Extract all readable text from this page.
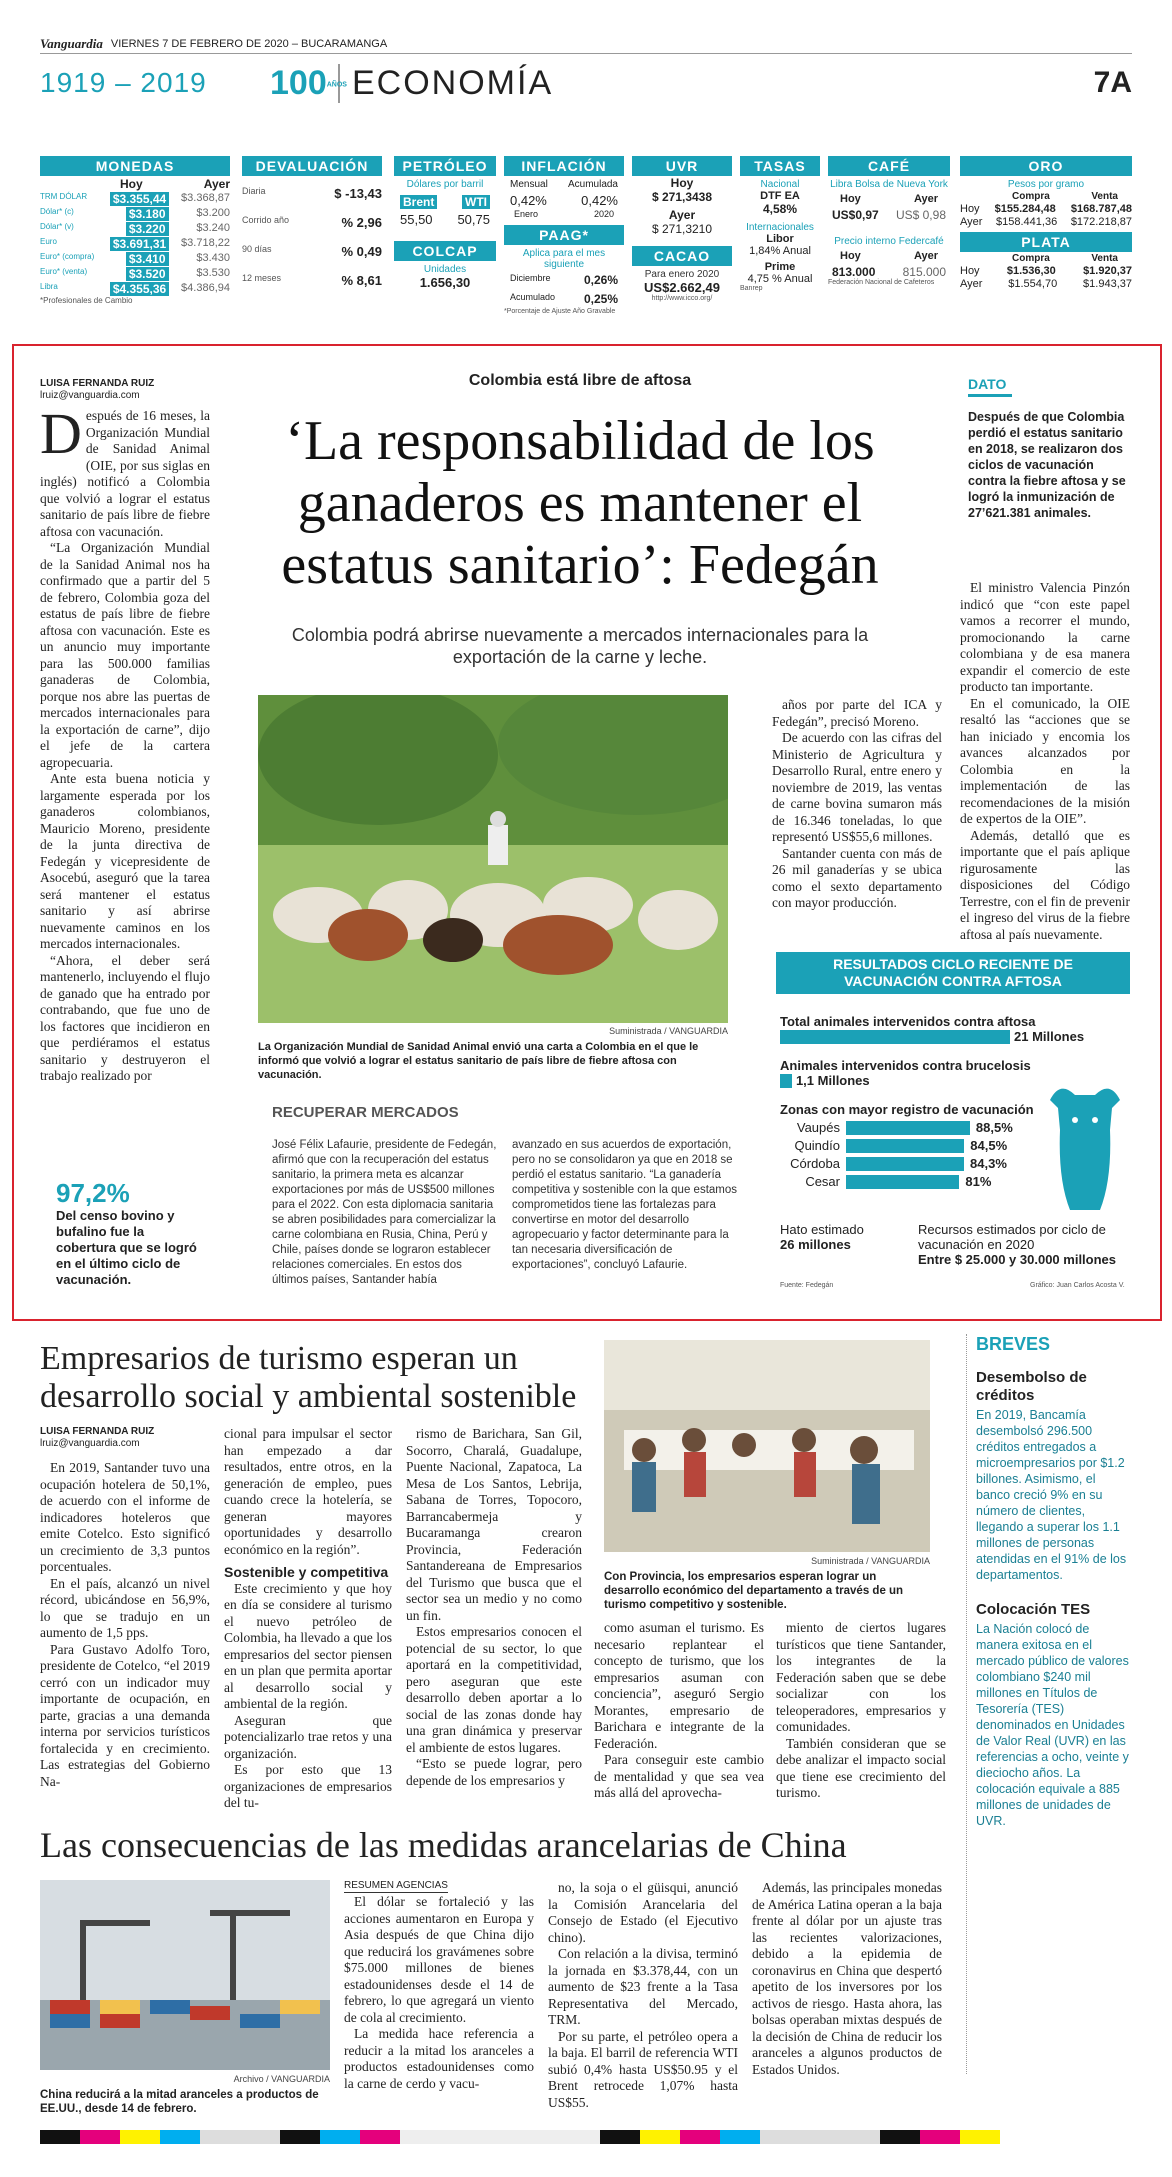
Vanguardia VIERNES 7 DE FEBRERO DE 2020 – BUCARAMANGA
1919 – 2019	100AÑOS ECONOMÍA	7A
MONEDAS
Hoy	Ayer
TRM DÓLAR	$3.355,44 $3.368,87
Dólar* (c)	$3.180	$3.200
Dólar* (v)	$3.220	$3.240
Euro	$3.691,31 $3.718,22
Euro* (compra)	$3.410	$3.430
Euro* (venta)	$3.520	$3.530
Libra	$4.355,36 $4.386,94
*Profesionales de Cambio
DEVALUACIÓN
Diaria	$ -13,43
Corrido año	% 2,96
90 días	% 0,49
12 meses	% 8,61
PETRÓLEO
Dólares por barril
Brent	WTI
55,50 50,75
COLCAP
Unidades
1.656,30
INFLACIÓN
Mensual Acumulada
0,42%	0,42%
Enero	2020
PAAG*
Aplica para el mes siguiente
Diciembre	0,26%
Acumulado 0,25%
*Porcentaje de Ajuste Año Gravable
UVR
Hoy
$ 271,3438
Ayer
$ 271,3210
CACAO
Para enero 2020
US$2.662,49
http://www.icco.org/
TASAS
Nacional
DTF EA
4,58%
Internacionales
Libor
1,84% Anual
Prime
4,75 % Anual
Banrep
CAFÉ
Libra Bolsa de Nueva York
Hoy	Ayer
US$0,97 US$ 0,98
Precio interno Federcafé
Hoy	Ayer
813.000 815.000
Federación Nacional de Cafeteros
ORO
Pesos por gramo
Compra	Venta
Hoy $155.284,48 $168.787,48
Ayer $158.441,36 $172.218,87
PLATA
Compra	Venta
Hoy $1.536,30 $1.920,37
Ayer $1.554,70 $1.943,37
LUISA FERNANDA RUIZ
lruiz@vanguardia.com
D espués de 16 meses, la Organización Mundial de Sanidad Animal (OIE, por sus siglas en inglés) notificó a Colombia que volvió a lograr el estatus sanitario de país libre de fiebre aftosa con vacunación.

“La Organización Mundial de la Sanidad Animal nos ha confirmado que a partir del 5 de febrero, Colombia goza del estatus de país libre de fiebre aftosa con vacunación. Este es un anuncio muy importante para las 500.000 familias ganaderas de Colombia, porque nos abre las puertas de mercados internacionales para la exportación de carne”, dijo el jefe de la cartera agropecuaria.

Ante esta buena noticia y largamente esperada por los ganaderos colombianos, Mauricio Moreno, presidente de la junta directiva de Fedegán y vicepresidente de Asocebú, aseguró que la tarea será mantener el estatus sanitario y así abrirse nuevamente caminos en los mercados internacionales.

“Ahora, el deber será mantenerlo, incluyendo el flujo de ganado que ha entrado por contrabando, que fue uno de los factores que incidieron en que perdiéramos el estatus sanitario y destruyeron el trabajo realizado por

Colombia está libre de aftosa
‘La responsabilidad de los ganaderos es mantener el estatus sanitario’: Fedegán
Colombia podrá abrirse nuevamente a mercados internacionales para la exportación de la carne y leche.
Suministrada / VANGUARDIA
La Organización Mundial de Sanidad Animal envió una carta a Colombia en el que le informó que volvió a lograr el estatus sanitario de país libre de fiebre aftosa con vacunación.

años por parte del ICA y Fedegán”, precisó Moreno.

De acuerdo con las cifras del Ministerio de Agricultura y Desarrollo Rural, entre enero y noviembre de 2019, las ventas de carne bovina sumaron más de 16.346 toneladas, lo que representó US$55,6 millones.

Santander cuenta con más de 26 mil ganaderías y se ubica como el sexto departamento con mayor producción.

DATO
Después de que Colombia perdió el estatus sanitario en 2018, se realizaron dos ciclos de vacunación contra la fiebre aftosa y se logró la inmunización de 27’621.381 animales.

El ministro Valencia Pinzón indicó que “con este papel vamos a recorrer el mundo, promocionando la carne colombiana y de esa manera expandir el comercio de este producto tan importante.

En el comunicado, la OIE resaltó las “acciones que se han iniciado y encomia los avances alcanzados por Colombia en la implementación de las recomendaciones de la misión de expertos de la OIE”.

Además, detalló que es importante que el país aplique rigurosamente las disposiciones del Código Terrestre, con el fin de prevenir el ingreso del virus de la fiebre aftosa al país nuevamente.

RESULTADOS CICLO RECIENTE DE VACUNACIÓN CONTRA AFTOSA
Total animales intervenidos contra aftosa
21 Millones
Animales intervenidos contra brucelosis
1,1 Millones
Zonas con mayor registro de vacunación
Vaupés	88,5%
Quindío	84,5%
Córdoba	84,3%
Cesar	81%
Hato estimado
26 millones
Recursos estimados por ciclo de vacunación en 2020
Entre $ 25.000 y 30.000 millones
Fuente: Fedegán	Gráfico: Juan Carlos Acosta V.
RECUPERAR MERCADOS
José Félix Lafaurie, presidente de Fedegán, afirmó que con la recuperación del estatus sanitario, la primera meta es alcanzar exportaciones por más de US$500 millones para el 2022. Con esta diplomacia sanitaria se abren posibilidades para comercializar la carne colombiana en Rusia, China, Perú y Chile, países donde se lograron establecer relaciones comerciales. En estos dos últimos países, Santander había
avanzado en sus acuerdos de exportación, pero no se consolidaron ya que en 2018 se perdió el estatus sanitario. “La ganadería competitiva y sostenible con la que estamos comprometidos tiene las fortalezas para convertirse en motor del desarrollo agropecuario y factor determinante para la tan necesaria diversificación de exportaciones”, concluyó Lafaurie.
97,2%
Del censo bovino y bufalino fue la cobertura que se logró en el último ciclo de vacunación.
Empresarios de turismo esperan un desarrollo social y ambiental sostenible
LUISA FERNANDA RUIZ
lruiz@vanguardia.com

En 2019, Santander tuvo una ocupación hotelera de 50,1%, de acuerdo con el informe de indicadores hoteleros que emite Cotelco. Esto significó un crecimiento de 3,3 puntos porcentuales.

En el país, alcanzó un nivel récord, ubicándose en 56,9%, lo que se tradujo en un aumento de 1,5 pps.

Para Gustavo Adolfo Toro, presidente de Cotelco, “el 2019 cerró con un indicador muy importante de ocupación, en parte, gracias a una demanda interna por servicios turísticos fortalecida y en crecimiento. Las estrategias del Gobierno Na-

cional para impulsar el sector han empezado a dar resultados, entre otros, en la generación de empleo, pues cuando crece la hotelería, se generan mayores oportunidades y desarrollo económico en la región”.

Sostenible y competitiva

Este crecimiento y que hoy en día se considere al turismo el nuevo petróleo de Colombia, ha llevado a que los empresarios del sector piensen en un plan que permita aportar al desarrollo social y ambiental de la región.

Aseguran que potencializarlo trae retos y una organización.

Es por esto que 13 organizaciones de empresarios del tu-

rismo de Barichara, San Gil, Socorro, Charalá, Guadalupe, Puente Nacional, Zapatoca, La Mesa de Los Santos, Lebrija, Sabana de Torres, Topocoro, Barrancabermeja y Bucaramanga crearon Provincia, Federación Santandereana de Empresarios del Turismo que busca que el sector sea un medio y no como un fin.

Estos empresarios conocen el potencial de su sector, lo que aportará en la competitividad, pero aseguran que este desarrollo deben aportar a lo social de las zonas donde hay una gran dinámica y preservar el ambiente de estos lugares.

“Esto se puede lograr, pero depende de los empresarios y

Suministrada / VANGUARDIA
Con Provincia, los empresarios esperan lograr un desarrollo económico del departamento a través de un turismo competitivo y sostenible.

como asuman el turismo. Es necesario replantear el concepto de turismo, que los empresarios asuman con conciencia”, aseguró Sergio Morantes, empresario de Barichara e integrante de la Federación.

Para conseguir este cambio de mentalidad y que sea vea más allá del aprovecha-

miento de ciertos lugares turísticos que tiene Santander, los integrantes de la Federación saben que se debe socializar con los teleoperadores, empresarios y comunidades.

También consideran que se debe analizar el impacto social que tiene ese crecimiento del turismo.

BREVES
Desembolso de créditos
En 2019, Bancamía desembolsó 296.500 créditos entregados a microempresarios por $1.2 billones. Asimismo, el banco creció 9% en su número de clientes, llegando a superar los 1.1 millones de personas atendidas en el 91% de los departamentos.
Colocación TES
La Nación colocó de manera exitosa en el mercado público de valores colombiano $240 mil millones en Títulos de Tesorería (TES) denominados en Unidades de Valor Real (UVR) en las referencias a ocho, veinte y dieciocho años. La colocación equivale a 885 millones de unidades de UVR.
Las consecuencias de las medidas arancelarias de China
Archivo / VANGUARDIA
China reducirá a la mitad aranceles a productos de EE.UU., desde 14 de febrero.
RESUMEN AGENCIAS

El dólar se fortaleció y las acciones aumentaron en Europa y Asia después de que China dijo que reducirá los gravámenes sobre $75.000 millones de bienes estadounidenses desde el 14 de febrero, lo que agregará un viento de cola al crecimiento.

La medida hace referencia a reducir a la mitad los aranceles a productos estadounidenses como la carne de cerdo y vacu-

no, la soja o el güisqui, anunció la Comisión Arancelaria del Consejo de Estado (el Ejecutivo chino).

Con relación a la divisa, terminó la jornada en $3.378,44, con un aumento de $23 frente a la Tasa Representativa del Mercado, TRM.

Por su parte, el petróleo opera a la baja. El barril de referencia WTI subió 0,4% hasta US$50.95 y el Brent retrocede 1,07% hasta US$55.

Además, las principales monedas de América Latina operan a la baja frente al dólar por un ajuste tras las recientes valorizaciones, debido a la epidemia de coronavirus en China que despertó apetito de los inversores por los activos de riesgo. Hasta ahora, las bolsas operaban mixtas después de la decisión de China de reducir los aranceles a algunos productos de Estados Unidos.
